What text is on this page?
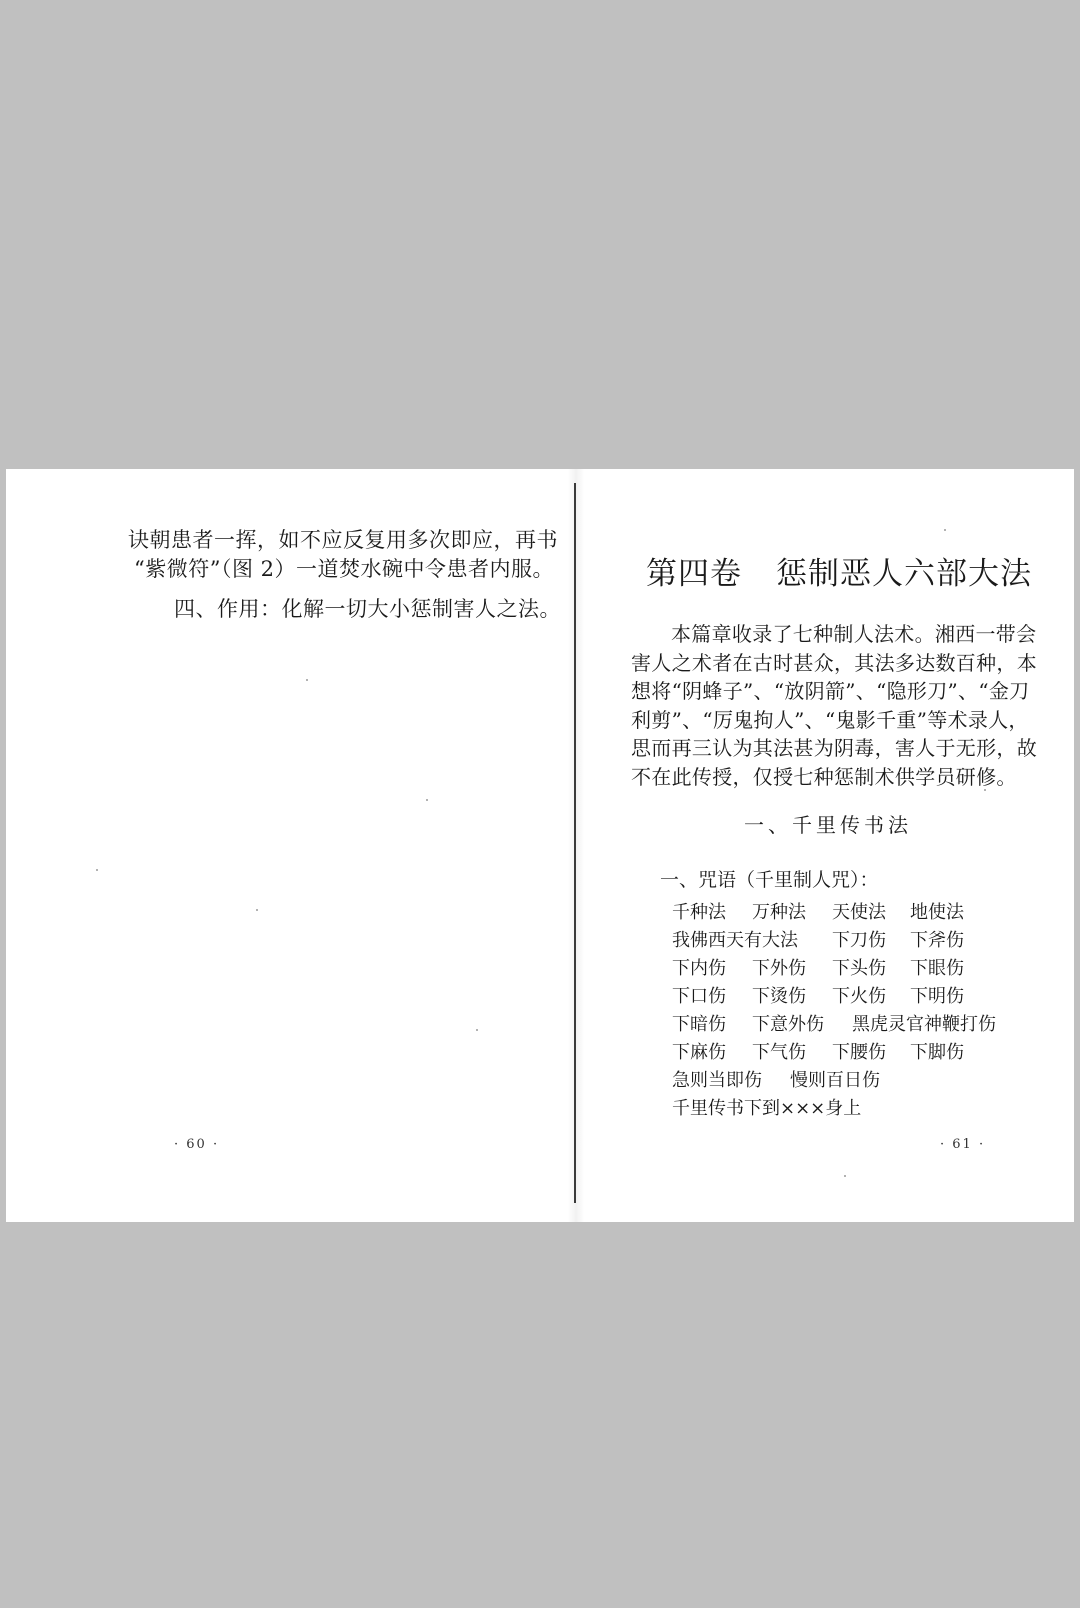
诀朝患者一挥，如不应反复用多次即应，再书
“紫微符”（图 2）一道焚水碗中令患者内服。
四、作用：化解一切大小惩制害人之法。
· 60 ·
第四卷 惩制恶人六部大法
本篇章收录了七种制人法术。湘西一带会
害人之术者在古时甚众，其法多达数百种，本
想将“阴蜂子”、“放阴箭”、“隐形刀”、“金刀
利剪”、“厉鬼拘人”、“鬼影千重”等术录人，
思而再三认为其法甚为阴毒，害人于无形，故
不在此传授，仅授七种惩制术供学员研修。
一、千里传书法
一、咒语（千里制人咒）：
千种法 万种法 天使法 地使法
我佛西天有大法 下刀伤 下斧伤
下内伤 下外伤 下头伤 下眼伤
下口伤 下烫伤 下火伤 下明伤
下暗伤 下意外伤 黑虎灵官神鞭打伤
下麻伤 下气伤 下腰伤 下脚伤
急则当即伤 慢则百日伤
千里传书下到×××身上
· 61 ·
